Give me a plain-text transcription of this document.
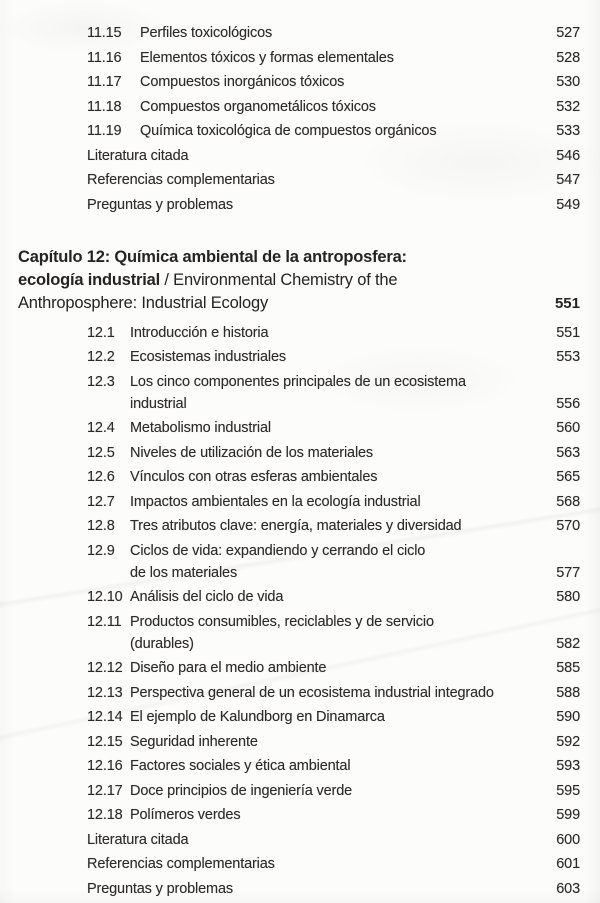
11.15	Perfiles toxicológicos	527
11.16	Elementos tóxicos y formas elementales	528
11.17	Compuestos inorgánicos tóxicos	530
11.18	Compuestos organometálicos tóxicos	532
11.19	Química toxicológica de compuestos orgánicos	533
Literatura citada	546
Referencias complementarias	547
Preguntas y problemas	549
Capítulo 12: Química ambiental de la antroposfera:
ecología industrial / Environmental Chemistry of the
Anthroposphere: Industrial Ecology	551
12.1	Introducción e historia	551
12.2	Ecosistemas industriales	553
12.3	Los cinco componentes principales de un ecosistema
industrial	556
12.4	Metabolismo industrial	560
12.5	Niveles de utilización de los materiales	563
12.6	Vínculos con otras esferas ambientales	565
12.7	Impactos ambientales en la ecología industrial	568
12.8	Tres atributos clave: energía, materiales y diversidad	570
12.9	Ciclos de vida: expandiendo y cerrando el ciclo
de los materiales	577
12.10 Análisis del ciclo de vida	580
12.11 Productos consumibles, reciclables y de servicio
(durables)	582
12.12 Diseño para el medio ambiente	585
12.13 Perspectiva general de un ecosistema industrial integrado	588
12.14 El ejemplo de Kalundborg en Dinamarca	590
12.15 Seguridad inherente	592
12.16 Factores sociales y ética ambiental	593
12.17 Doce principios de ingeniería verde	595
12.18 Polímeros verdes	599
Literatura citada	600
Referencias complementarias	601
Preguntas y problemas	603
